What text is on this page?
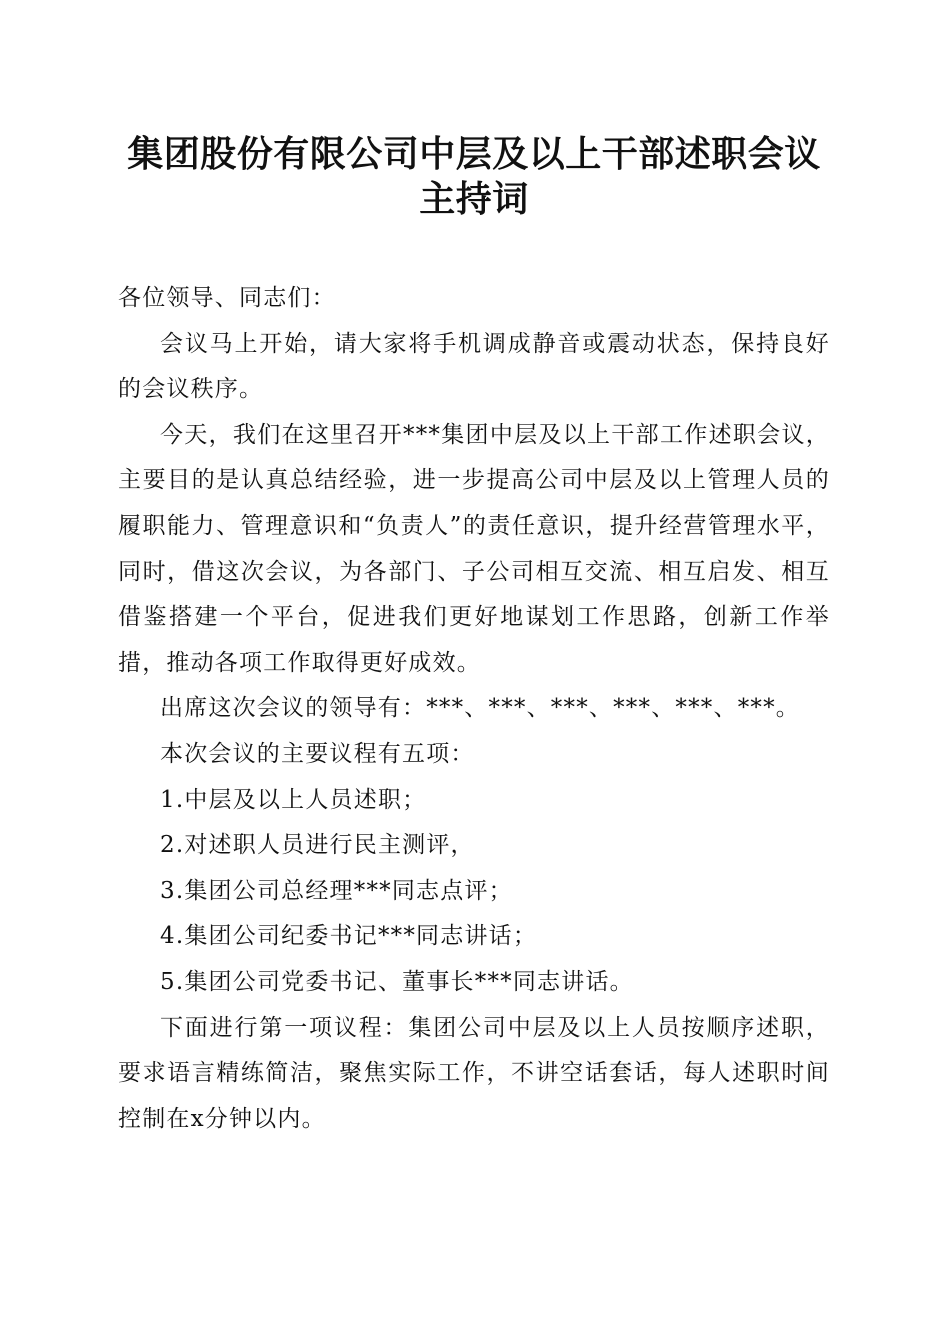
集团股份有限公司中层及以上干部述职会议主持词

各位领导、同志们：

会议马上开始，请大家将手机调成静音或震动状态，保持良好的会议秩序。

今天，我们在这里召开***集团中层及以上干部工作述职会议，主要目的是认真总结经验，进一步提高公司中层及以上管理人员的履职能力、管理意识和“负责人”的责任意识，提升经营管理水平，同时，借这次会议，为各部门、子公司相互交流、相互启发、相互借鉴搭建一个平台，促进我们更好地谋划工作思路，创新工作举措，推动各项工作取得更好成效。

出席这次会议的领导有：***、***、***、***、***、***。

本次会议的主要议程有五项：

1.中层及以上人员述职；

2.对述职人员进行民主测评，

3.集团公司总经理***同志点评；

4.集团公司纪委书记***同志讲话；

5.集团公司党委书记、董事长***同志讲话。

下面进行第一项议程：集团公司中层及以上人员按顺序述职，要求语言精练简洁，聚焦实际工作，不讲空话套话，每人述职时间控制在x分钟以内。
